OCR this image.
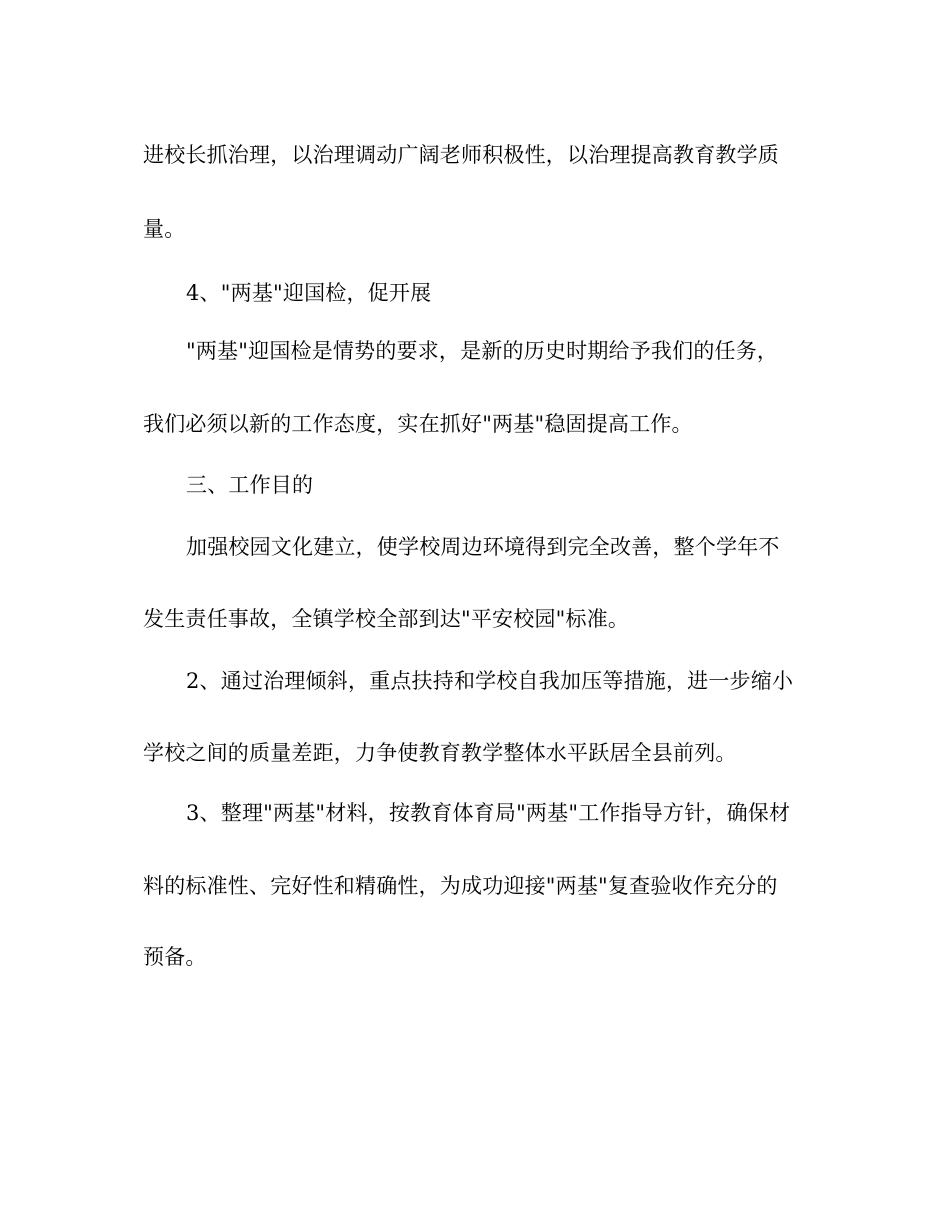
进校长抓治理，以治理调动广阔老师积极性，以治理提高教育教学质
量。
4、"两基"迎国检，促开展
"两基"迎国检是情势的要求，是新的历史时期给予我们的任务，
我们必须以新的工作态度，实在抓好"两基"稳固提高工作。
三、工作目的
加强校园文化建立，使学校周边环境得到完全改善，整个学年不
发生责任事故，全镇学校全部到达"平安校园"标准。
2、通过治理倾斜，重点扶持和学校自我加压等措施，进一步缩小
学校之间的质量差距，力争使教育教学整体水平跃居全县前列。
3、整理"两基"材料，按教育体育局"两基"工作指导方针，确保材
料的标准性、完好性和精确性，为成功迎接"两基"复查验收作充分的
预备。
